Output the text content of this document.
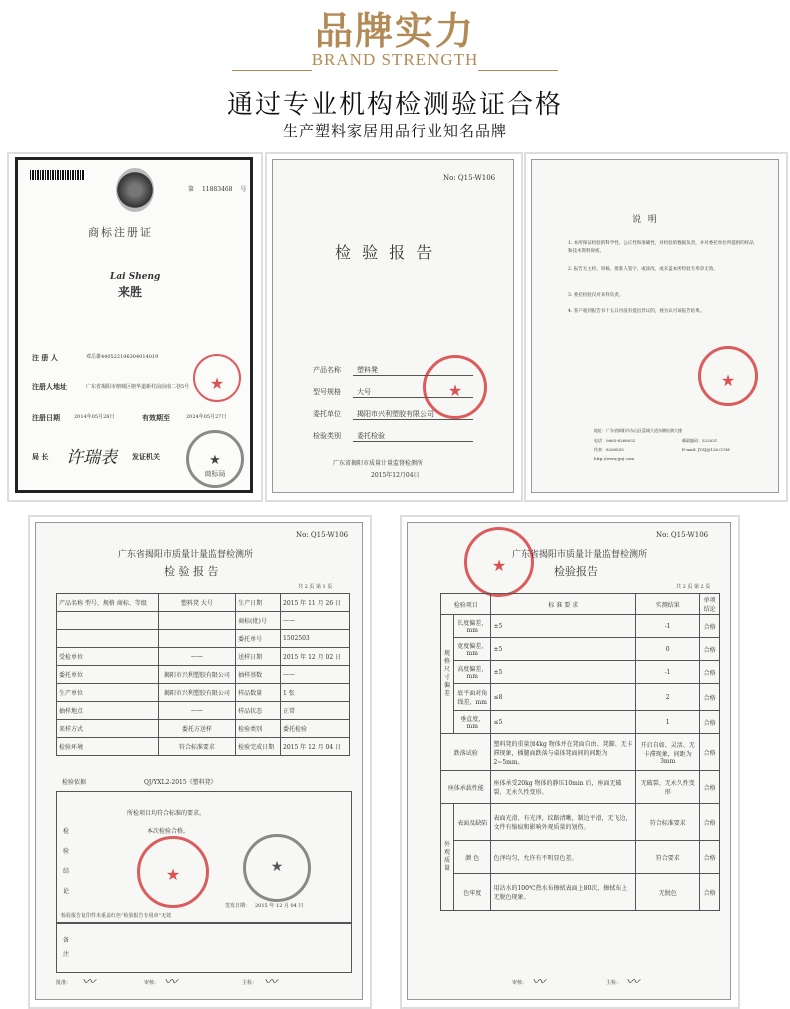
品牌实力
BRAND STRENGTH
通过专业机构检测验证合格
生产塑料家居用品行业知名品牌
第 11883468 号
商标注册证
Lai Sheng
来胜
注 册 人	邓岳雄440522196304014019
注册人地址	广东省揭阳市榕城区榕华道新村前前南二巷5号
注册日期	2014年05月28日	有效期至	2024年05月27日
★
局 长 许瑞表 发证机关	★
商标局
No: Q15-W106
检 验 报 告
产品名称 塑料凳
型号规格 大号
委托单位 揭阳市兴利塑胶有限公司
检验类别 委托检验
★
广东省揭阳市质量计量监督检测所
2015年12月04日
说 明
1. 本所保证检验的科学性、公正性和准确性，对检验的数据负责，并对委托单位所提供的样品和技术资料保密。
2. 报告无主检、审核、批准人签字，或涂改，或未盖本所检验专用章无效。
3. 委托检验仅对来样负责。
4. 客户收到报告书十五日内没有提出异议的，视为认可该报告结果。
★
地址：广东省揭阳市东山区蓝城大道东侧检测大楼
电话：0663-8268032	邮政编码：522031
传真：8260835	E-mail: JYZJ@126.COM
http://www.jyzj.com
No: Q15-W106
广东省揭阳市质量计量监督检测所
检 验 报 告
共 2 页 第 1 页
产品名称 型号、规格 商标、等级	塑料凳 大号	生产日期	2015 年 11 月 26 日
		商标(批)号	——
		委托单号	1502503
受检单位	——	送样日期	2015 年 12 月 02 日
委托单位	揭阳市兴利塑胶有限公司	抽样基数	——
生产单位	揭阳市兴利塑胶有限公司	样品数量	1 张
抽样地点	——	样品状态	正常
来样方式	委托方送样	检验类别	委托检验
检验环境	符合标准要求	检验完成日期	2015 年 12 月 04 日
检验依据	QJ/YXL2-2015《塑料凳》
检 验 结 论
所检项目均符合标准的要求。
本次检验合格。
★	★
签发日期： 2015 年 12 月 04 日
检验报告复印件未重盖红色“检验报告专用章”无效
备 注
批准： 〰	审核： 〰	主检： 〰
★
No: Q15-W106
广东省揭阳市质量计量监督检测所
检验报告
共 2 页 第 2 页
检验项目		标 准 要 求	实测结果	单项 结论
规格尺寸偏差	长度偏差，mm	±5	-1	合格
	宽度偏差，mm	±5	0	合格
	高度偏差，mm	±5	-1	合格
	底平面对角线差，mm	≤8	2	合格
	垂直度，mm	≤5	1	合格
跌落试验		塑料凳的重量加4kg 物体并在凳面自由、凳脚、无卡滞现象，插腿面跌落与桌体凳面间的间距为2~5mm。	开启自如、灵活、无卡滞现象，间距为3mm	合格
座体承载性能		座体承受20kg 物体的静压10min 后，座面无破裂、无永久性变形。	无破裂、无永久性变形	合格
外观质量	表面及缺陷	表面光滑、有光泽，纹路清晰，制边平滑，无飞边，文件有缩痕和影响外观质量的划伤。	符合标准要求	合格
	颜 色	色泽均匀，允许有不明显色差。	符合要求	合格
	色牢度	用沾水的100℃热水布擦拭表面上80次，擦拭布上无脱色现象。	无脱色	合格
审核： 〰	主检： 〰
